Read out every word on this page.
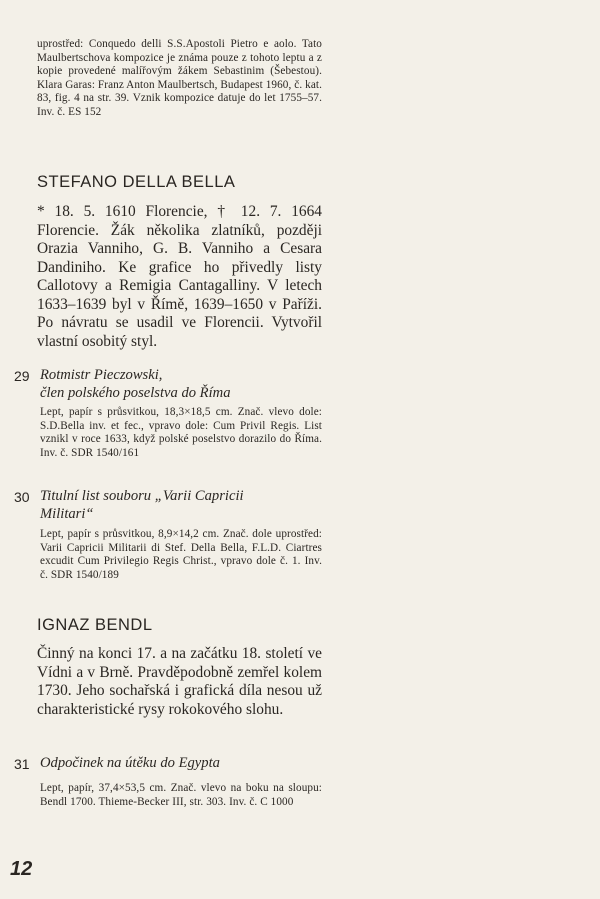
uprostřed: Conquedo delli S.S.Apostoli Pietro e aolo. Tato Maulbertschova kompozice je známa pouze z tohoto leptu a z kopie provedené malířovým žákem Sebastinim (Šebestou). Klara Garas: Franz Anton Maulbertsch, Budapest 1960, č. kat. 83, fig. 4 na str. 39. Vznik kompozice datuje do let 1755–57. Inv. č. ES 152

STEFANO DELLA BELLA

* 18. 5. 1610 Florencie, † 12. 7. 1664 Florencie. Žák několika zlatníků, později Orazia Vanniho, G. B. Vanniho a Cesara Dandiniho. Ke grafice ho přivedly listy Callotovy a Remigia Cantagalliny. V letech 1633–1639 byl v Římě, 1639–1650 v Paříži. Po návratu se usadil ve Florencii. Vytvořil vlastní osobitý styl.

29 Rotmistr Pieczowski,
člen polského poselstva do Říma

Lept, papír s průsvitkou, 18,3×18,5 cm. Znač. vlevo dole: S.D.Bella inv. et fec., vpravo dole: Cum Privil Regis. List vznikl v roce 1633, když polské poselstvo dorazilo do Říma. Inv. č. SDR 1540/161

30 Titulní list souboru „Varii Capricii
Militari“

Lept, papír s průsvitkou, 8,9×14,2 cm. Znač. dole uprostřed: Varii Capricii Militarii di Stef. Della Bella, F.L.D. Ciartres excudit Cum Privilegio Regis Christ., vpravo dole č. 1. Inv. č. SDR 1540/189

IGNAZ BENDL

Činný na konci 17. a na začátku 18. století ve Vídni a v Brně. Pravděpodobně zemřel kolem 1730. Jeho sochařská i grafická díla nesou už charakteristické rysy rokokového slohu.

31 Odpočinek na útěku do Egypta

Lept, papír, 37,4×53,5 cm. Znač. vlevo na boku na sloupu: Bendl 1700. Thieme-Becker III, str. 303. Inv. č. C 1000

12
